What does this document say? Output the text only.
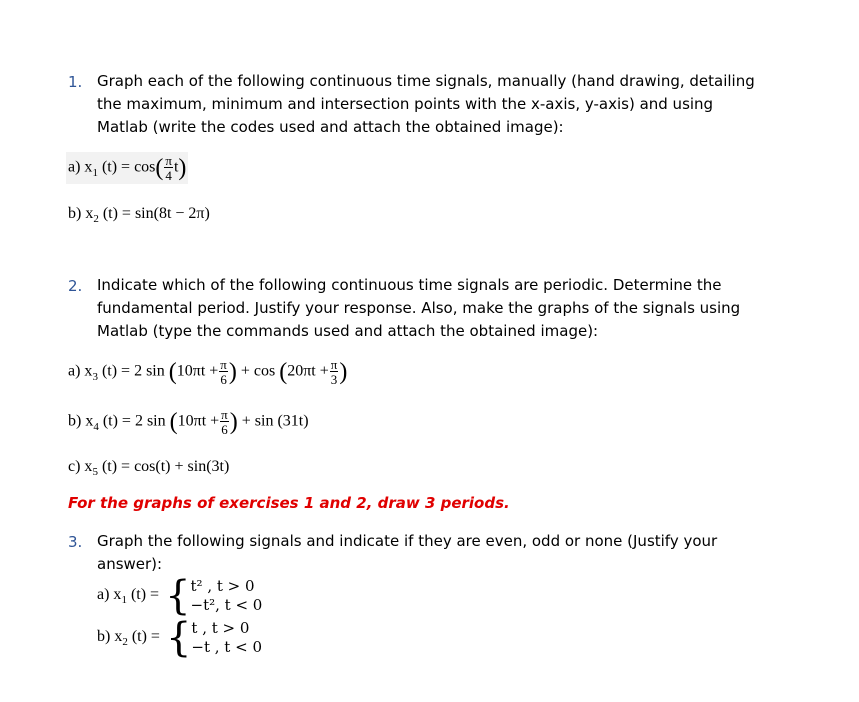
1. Graph each of the following continuous time signals, manually (hand drawing, detailing the maximum, minimum and intersection points with the x-axis, y-axis) and using Matlab (write the codes used and attach the obtained image):
a) $x_1$ $(t) = \cos( \frac{\pi}{4} t)$
b) $x_2$ (t) = sin(8t − 2π)
2. Indicate which of the following continuous time signals are periodic. Determine the fundamental period. Justify your response. Also, make the graphs of the signals using Matlab (type the commands used and attach the obtained image):
a) $x_3$ (t) = 2 $\sin (10\pi t + \frac{\pi}{6}$ ) + $\cos (20\pi t + \frac{\pi}{3}$ )
b) $x_4$ (t) = 2 $\sin (10\pi t + \frac{\pi}{6}$ ) + sin (31t)
c) $x_5$ (t) = cos(t) + sin(3t)
For the graphs of exercises 1 and 2, draw 3 periods.
3. Graph the following signals and indicate if they are even, odd or none (Justify your answer):
a) $x_1$ (t) = { t² , t > 0
−t², t < 0
b) $x_2$ (t) = { t , t > 0
−t , t < 0
